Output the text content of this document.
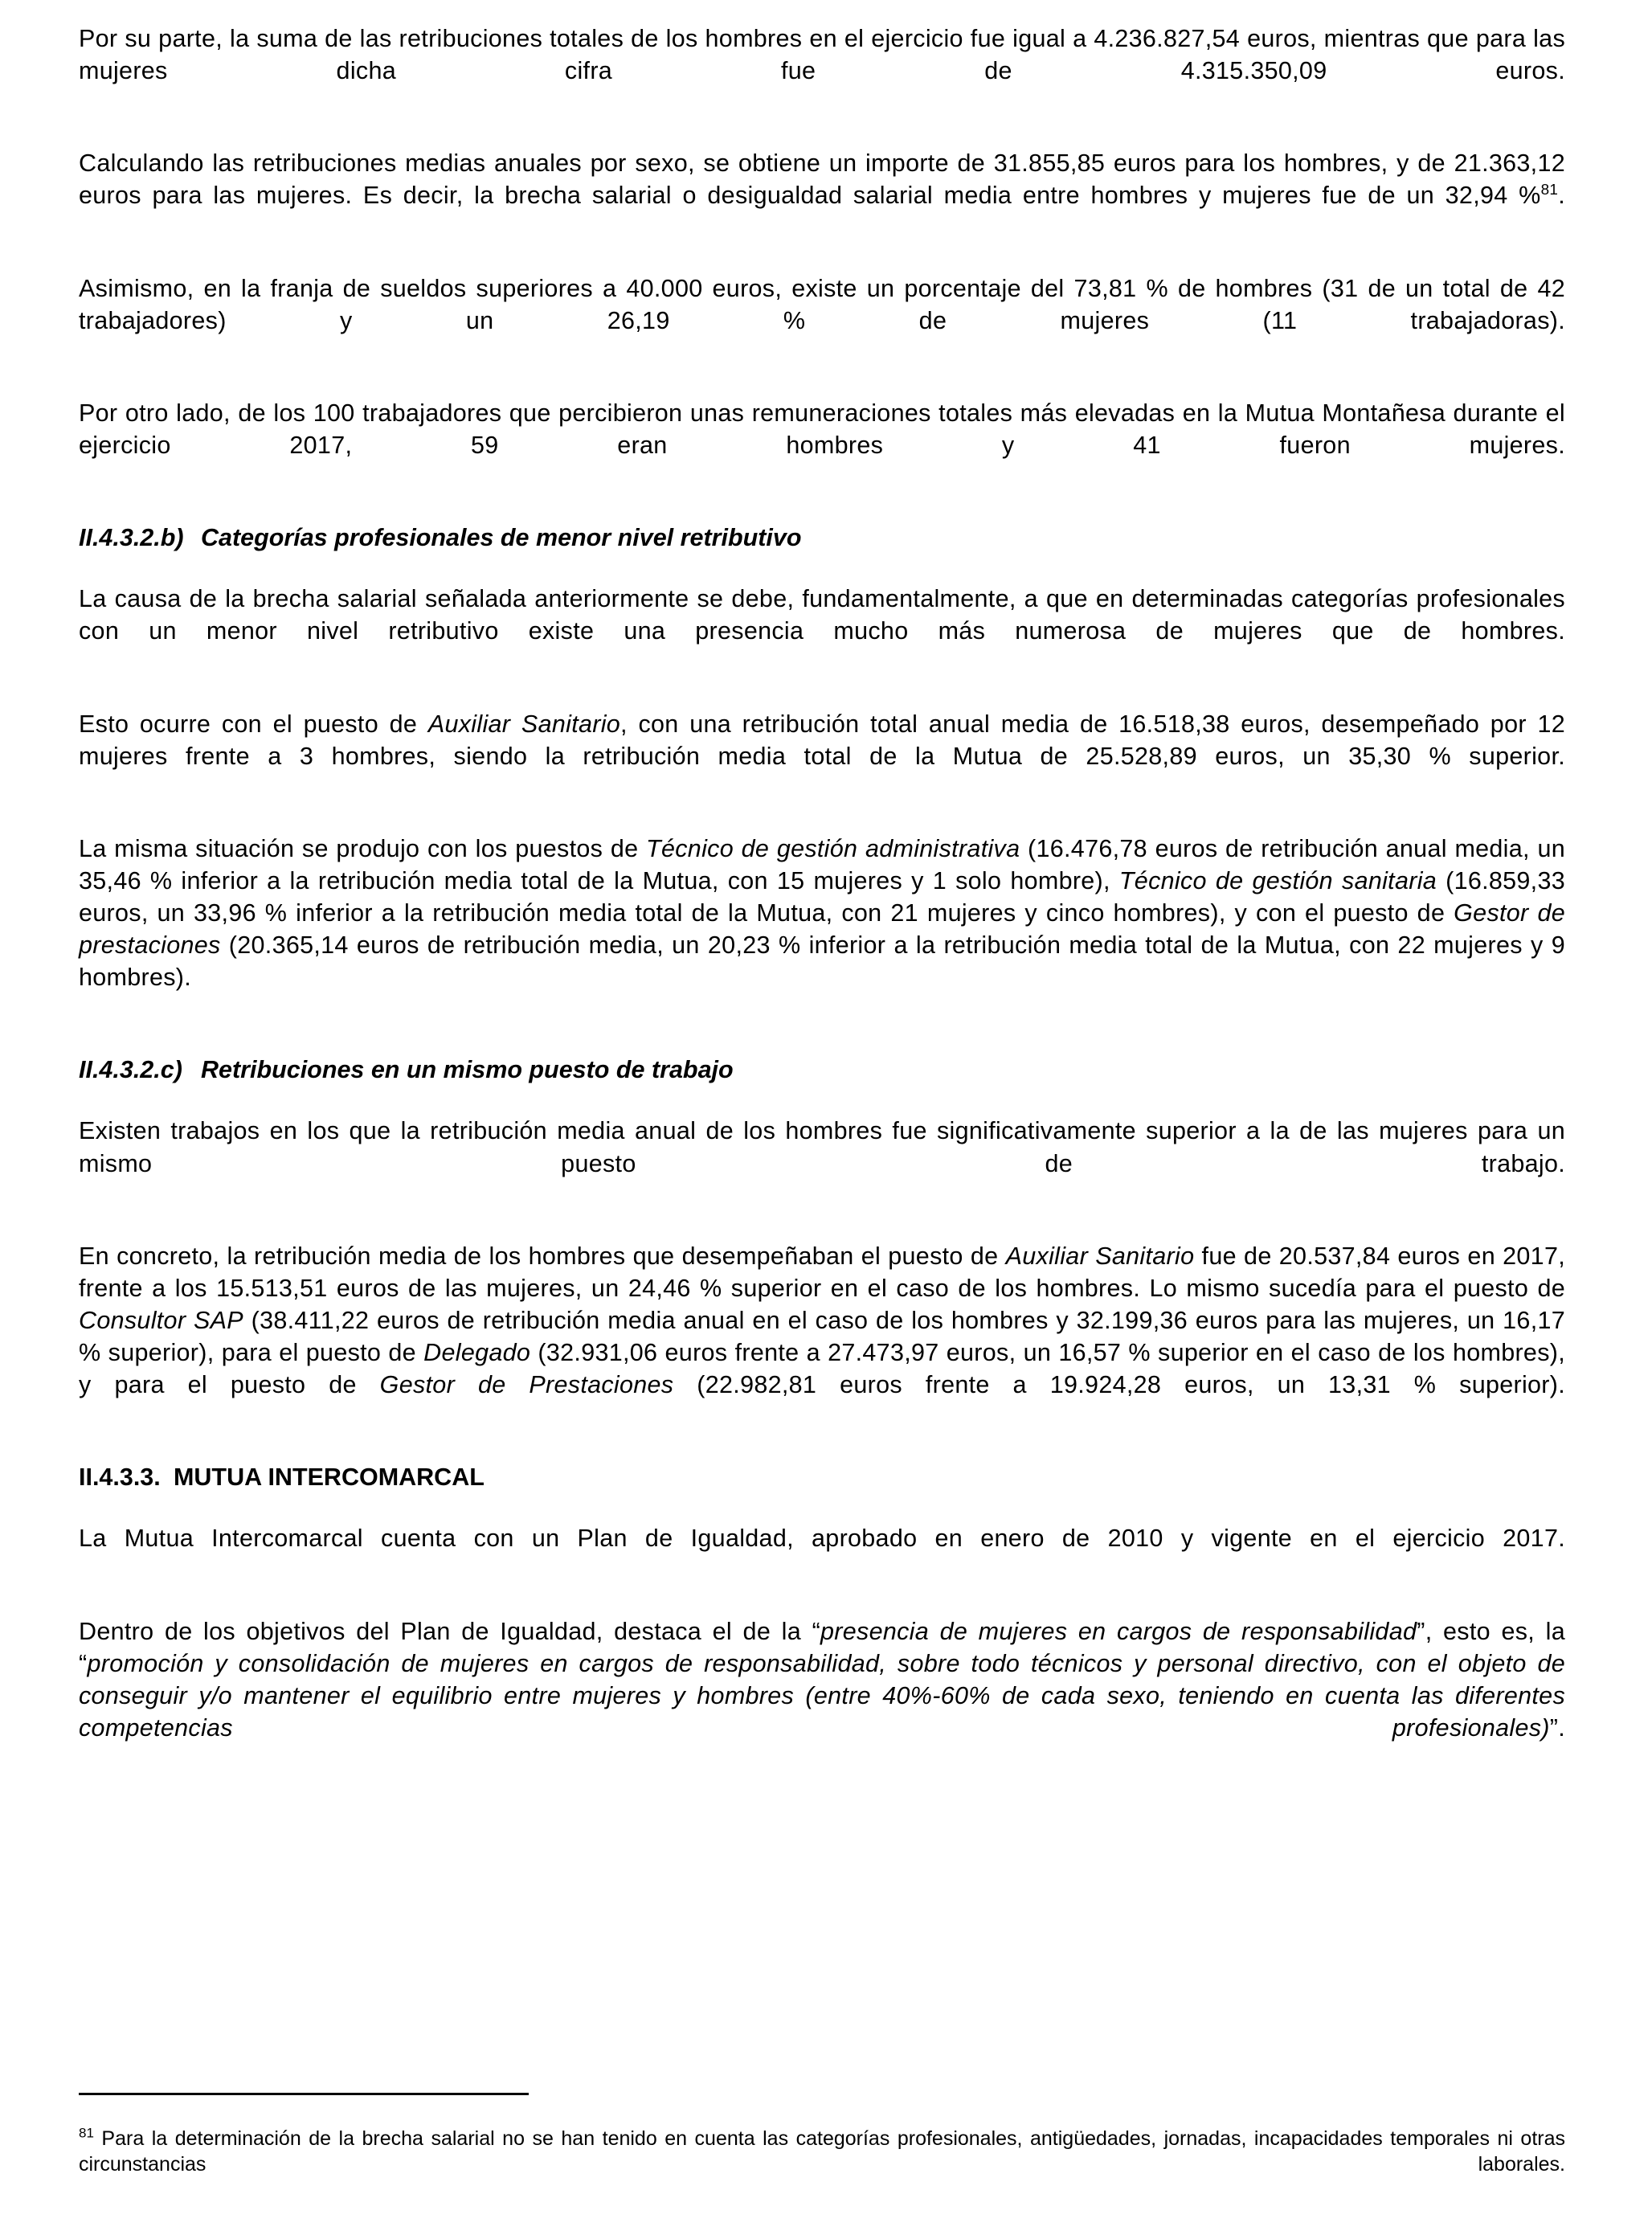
Por su parte, la suma de las retribuciones totales de los hombres en el ejercicio fue igual a 4.236.827,54 euros, mientras que para las mujeres dicha cifra fue de 4.315.350,09 euros.

Calculando las retribuciones medias anuales por sexo, se obtiene un importe de 31.855,85 euros para los hombres, y de 21.363,12 euros para las mujeres. Es decir, la brecha salarial o desigualdad salarial media entre hombres y mujeres fue de un 32,94 %$^{81}$.

Asimismo, en la franja de sueldos superiores a 40.000 euros, existe un porcentaje del 73,81 % de hombres (31 de un total de 42 trabajadores) y un 26,19 % de mujeres (11 trabajadoras).

Por otro lado, de los 100 trabajadores que percibieron unas remuneraciones totales más elevadas en la Mutua Montañesa durante el ejercicio 2017, 59 eran hombres y 41 fueron mujeres.

II.4.3.2.b) Categorías profesionales de menor nivel retributivo

La causa de la brecha salarial señalada anteriormente se debe, fundamentalmente, a que en determinadas categorías profesionales con un menor nivel retributivo existe una presencia mucho más numerosa de mujeres que de hombres.

Esto ocurre con el puesto de Auxiliar Sanitario, con una retribución total anual media de 16.518,38 euros, desempeñado por 12 mujeres frente a 3 hombres, siendo la retribución media total de la Mutua de 25.528,89 euros, un 35,30 % superior.

La misma situación se produjo con los puestos de Técnico de gestión administrativa (16.476,78 euros de retribución anual media, un 35,46 % inferior a la retribución media total de la Mutua, con 15 mujeres y 1 solo hombre), Técnico de gestión sanitaria (16.859,33 euros, un 33,96 % inferior a la retribución media total de la Mutua, con 21 mujeres y cinco hombres), y con el puesto de Gestor de prestaciones (20.365,14 euros de retribución media, un 20,23 % inferior a la retribución media total de la Mutua, con 22 mujeres y 9 hombres).

II.4.3.2.c) Retribuciones en un mismo puesto de trabajo

Existen trabajos en los que la retribución media anual de los hombres fue significativamente superior a la de las mujeres para un mismo puesto de trabajo.

En concreto, la retribución media de los hombres que desempeñaban el puesto de Auxiliar Sanitario fue de 20.537,84 euros en 2017, frente a los 15.513,51 euros de las mujeres, un 24,46 % superior en el caso de los hombres. Lo mismo sucedía para el puesto de Consultor SAP (38.411,22 euros de retribución media anual en el caso de los hombres y 32.199,36 euros para las mujeres, un 16,17 % superior), para el puesto de Delegado (32.931,06 euros frente a 27.473,97 euros, un 16,57 % superior en el caso de los hombres), y para el puesto de Gestor de Prestaciones (22.982,81 euros frente a 19.924,28 euros, un 13,31 % superior).

II.4.3.3. MUTUA INTERCOMARCAL

La Mutua Intercomarcal cuenta con un Plan de Igualdad, aprobado en enero de 2010 y vigente en el ejercicio 2017.

Dentro de los objetivos del Plan de Igualdad, destaca el de la “presencia de mujeres en cargos de responsabilidad”, esto es, la “promoción y consolidación de mujeres en cargos de responsabilidad, sobre todo técnicos y personal directivo, con el objeto de conseguir y/o mantener el equilibrio entre mujeres y hombres (entre 40%-60% de cada sexo, teniendo en cuenta las diferentes competencias profesionales)”.

$^{81}$ Para la determinación de la brecha salarial no se han tenido en cuenta las categorías profesionales, antigüedades, jornadas, incapacidades temporales ni otras circunstancias laborales.
